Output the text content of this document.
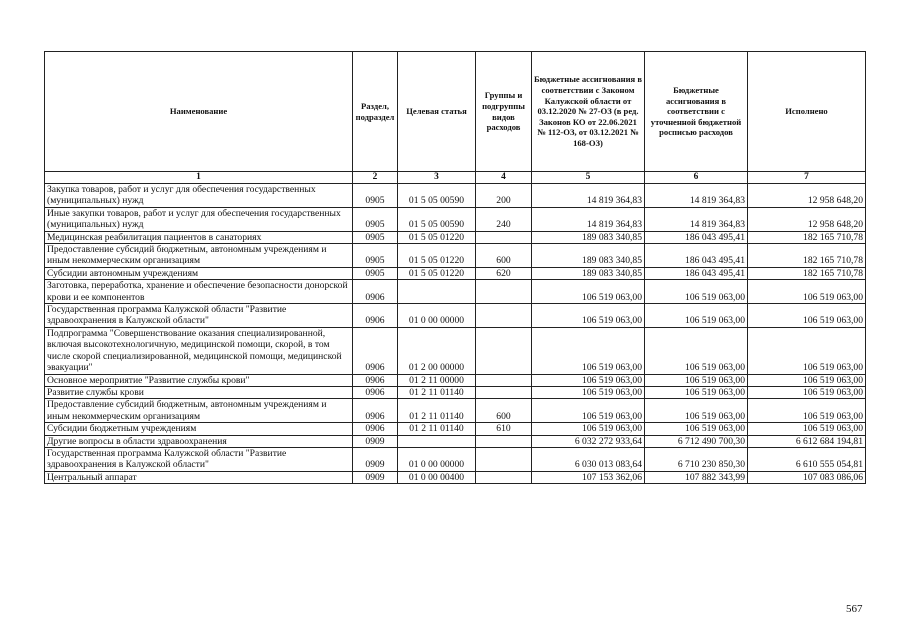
Наименование	Раздел, подраздел	Целевая статья	Группы и подгруппы видов расходов	Бюджетные ассигнования в соответствии с Законом Калужской области от 03.12.2020 № 27-ОЗ (в ред. Законов КО от 22.06.2021 № 112-ОЗ, от 03.12.2021 № 168-ОЗ)	Бюджетные ассигнования в соответствии с уточненной бюджетной росписью расходов	Исполнено
1	2	3	4	5	6	7
Закупка товаров, работ и услуг для обеспечения государственных (муниципальных) нужд	0905	01 5 05 00590	200	14 819 364,83	14 819 364,83	12 958 648,20
Иные закупки товаров, работ и услуг для обеспечения государственных (муниципальных) нужд	0905	01 5 05 00590	240	14 819 364,83	14 819 364,83	12 958 648,20
Медицинская реабилитация пациентов в санаториях	0905	01 5 05 01220		189 083 340,85	186 043 495,41	182 165 710,78
Предоставление субсидий бюджетным, автономным учреждениям и иным некоммерческим организациям	0905	01 5 05 01220	600	189 083 340,85	186 043 495,41	182 165 710,78
Субсидии автономным учреждениям	0905	01 5 05 01220	620	189 083 340,85	186 043 495,41	182 165 710,78
Заготовка, переработка, хранение и обеспечение безопасности донорской крови и ее компонентов	0906			106 519 063,00	106 519 063,00	106 519 063,00
Государственная программа Калужской области "Развитие здравоохранения в Калужской области"	0906	01 0 00 00000		106 519 063,00	106 519 063,00	106 519 063,00
Подпрограмма "Совершенствование оказания специализированной, включая высокотехнологичную, медицинской помощи, скорой, в том числе скорой специализированной, медицинской помощи, медицинской эвакуации"	0906	01 2 00 00000		106 519 063,00	106 519 063,00	106 519 063,00
Основное мероприятие "Развитие службы крови"	0906	01 2 11 00000		106 519 063,00	106 519 063,00	106 519 063,00
Развитие службы крови	0906	01 2 11 01140		106 519 063,00	106 519 063,00	106 519 063,00
Предоставление субсидий бюджетным, автономным учреждениям и иным некоммерческим организациям	0906	01 2 11 01140	600	106 519 063,00	106 519 063,00	106 519 063,00
Субсидии бюджетным учреждениям	0906	01 2 11 01140	610	106 519 063,00	106 519 063,00	106 519 063,00
Другие вопросы в области здравоохранения	0909			6 032 272 933,64	6 712 490 700,30	6 612 684 194,81
Государственная программа Калужской области "Развитие здравоохранения в Калужской области"	0909	01 0 00 00000		6 030 013 083,64	6 710 230 850,30	6 610 555 054,81
Центральный аппарат	0909	01 0 00 00400		107 153 362,06	107 882 343,99	107 083 086,06
567
